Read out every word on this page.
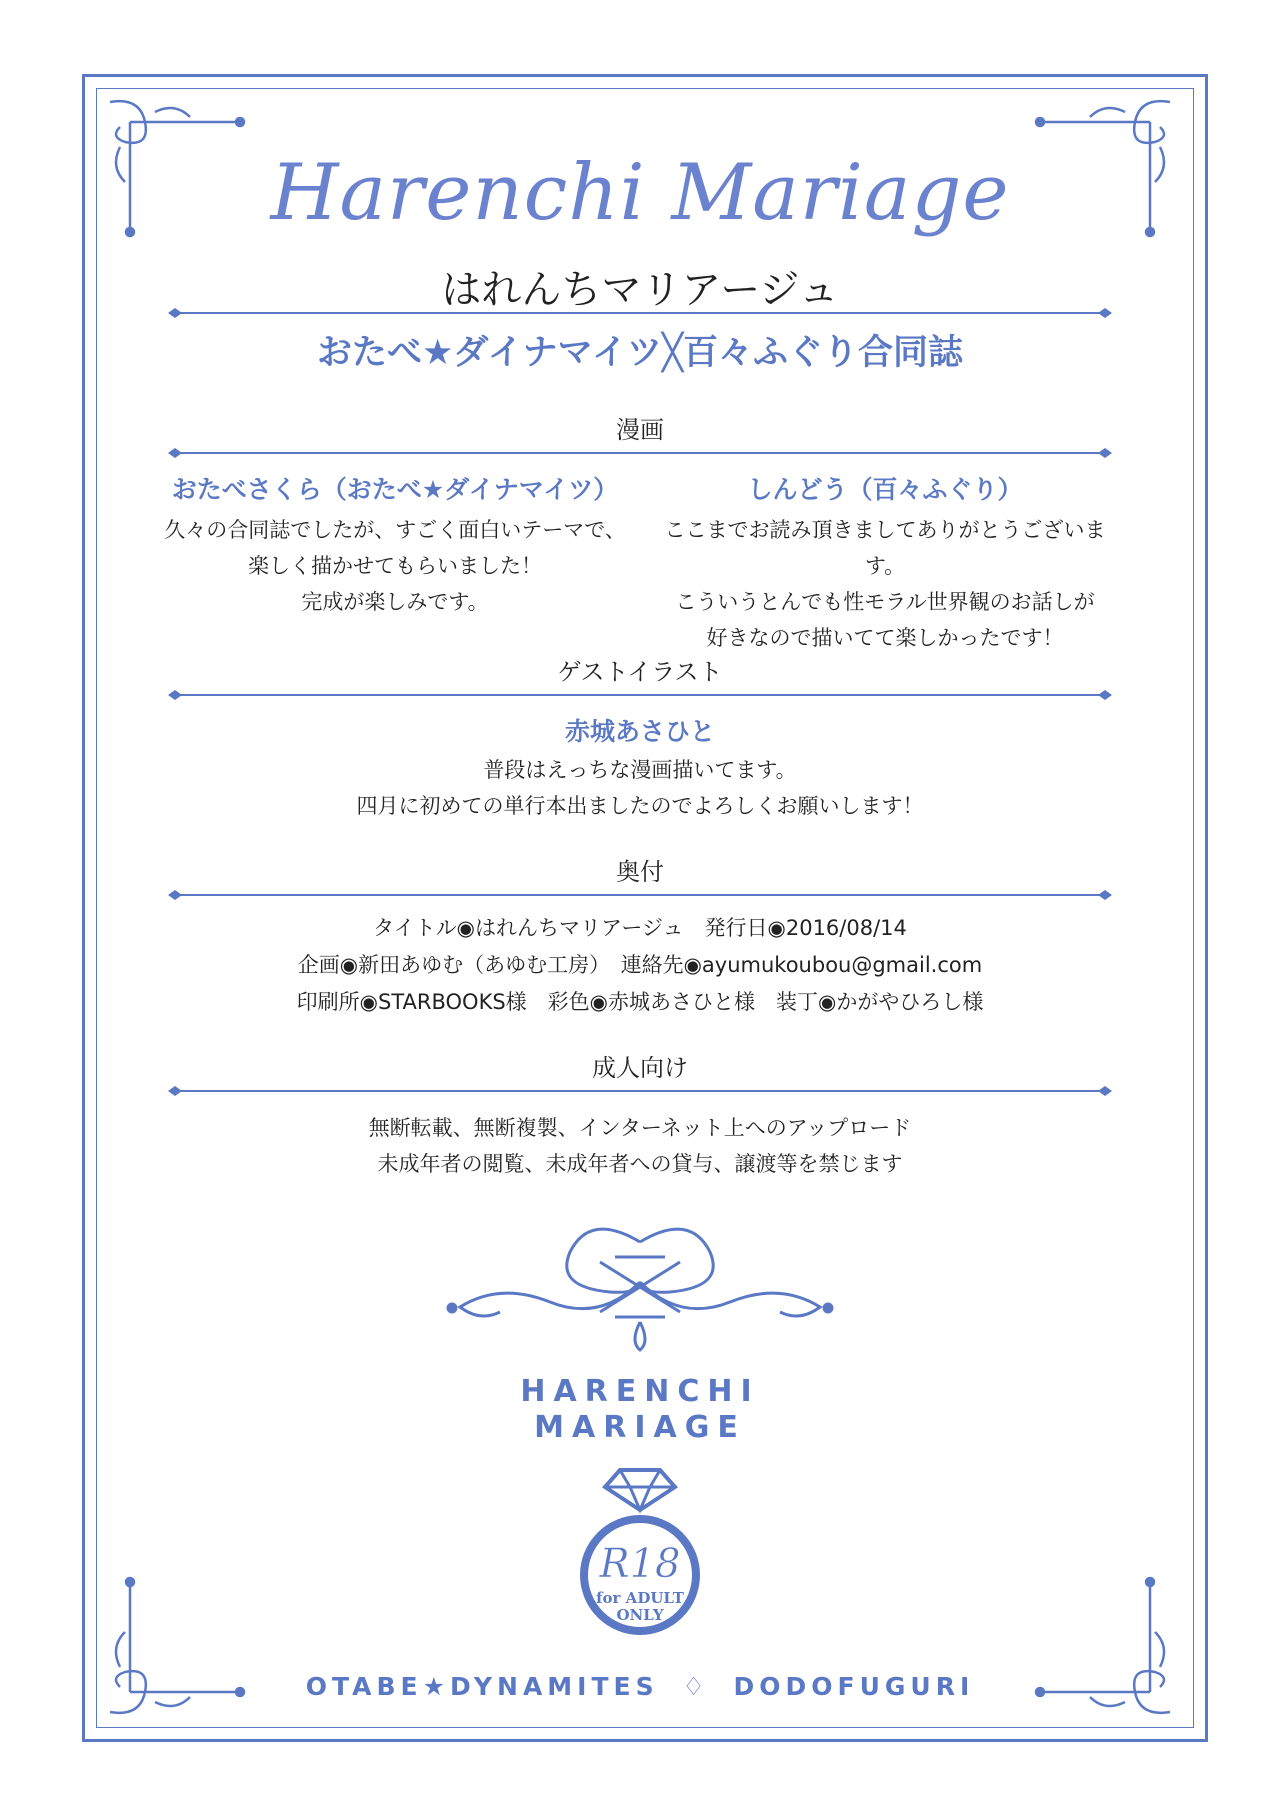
Harenchi Mariage
はれんちマリアージュ
おたべ★ダイナマイツ╳百々ふぐり合同誌
漫画
おたべさくら（おたべ★ダイナマイツ）
久々の合同誌でしたが、すごく面白いテーマで、
楽しく描かせてもらいました！
完成が楽しみです。
しんどう（百々ふぐり）
ここまでお読み頂きましてありがとうございます。
こういうとんでも性モラル世界観のお話しが
好きなので描いてて楽しかったです！
ゲストイラスト
赤城あさひと
普段はえっちな漫画描いてます。
四月に初めての単行本出ましたのでよろしくお願いします！
奥付
タイトル◉はれんちマリアージュ　発行日◉2016/08/14
企画◉新田あゆむ（あゆむ工房）　連絡先◉ayumukoubou@gmail.com
印刷所◉STARBOOKS様　彩色◉赤城あさひと様　装丁◉かがやひろし様
成人向け
無断転載、無断複製、インターネット上へのアップロード
未成年者の閲覧、未成年者への貸与、譲渡等を禁じます
HARENCHI
MARIAGE
R18
for ADULT
ONLY
OTABE★DYNAMITES ♢ DODOFUGURI
